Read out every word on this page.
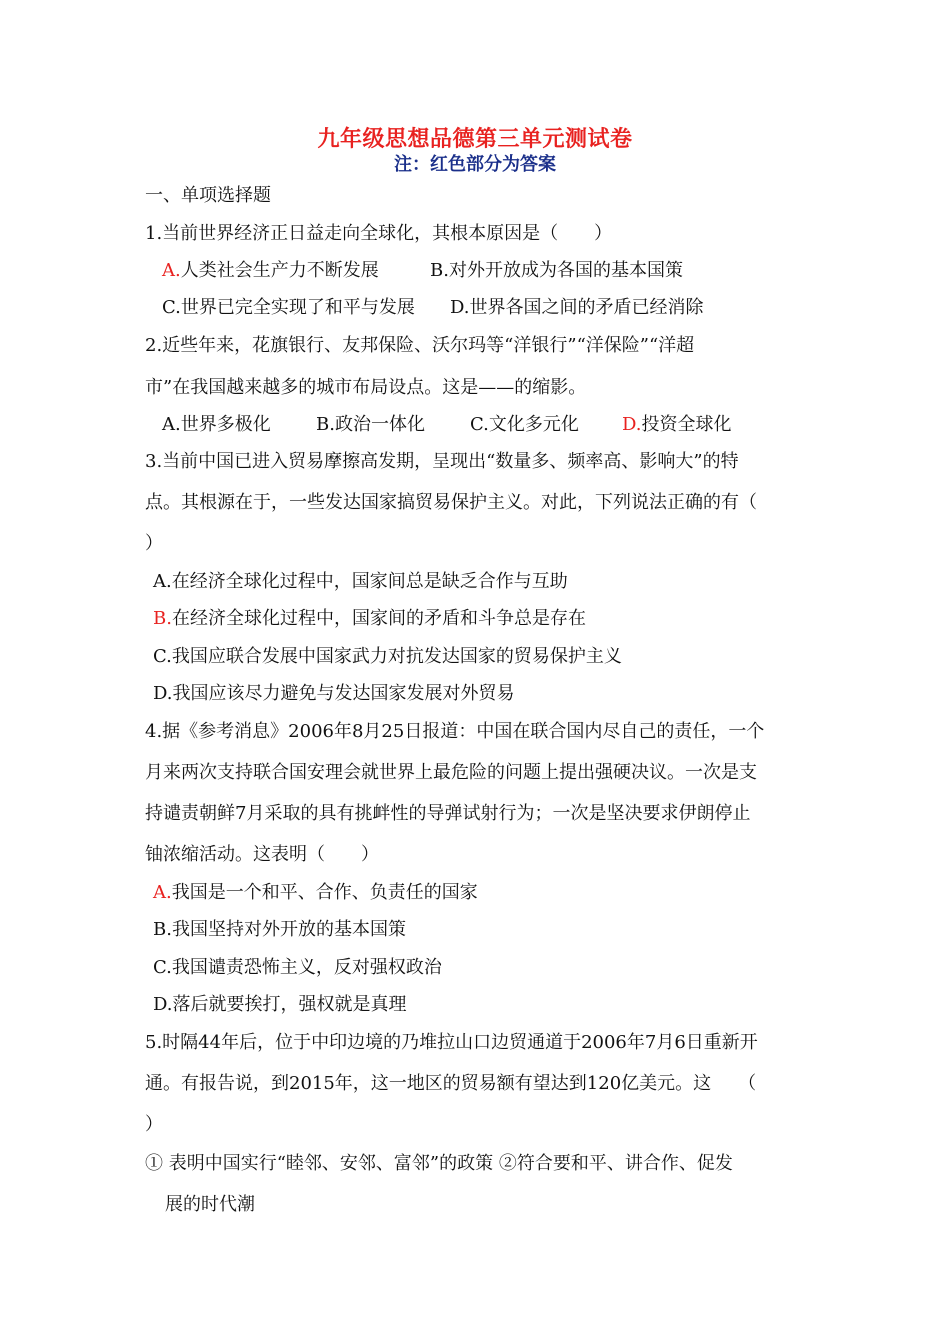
九年级思想品德第三单元测试卷
注：红色部分为答案
一、单项选择题
1.当前世界经济正日益走向全球化，其根本原因是（　　）
A.人类社会生产力不断发展	B.对外开放成为各国的基本国策
C.世界已完全实现了和平与发展 D.世界各国之间的矛盾已经消除
2.近些年来，花旗银行、友邦保险、沃尔玛等“洋银行”“洋保险”“洋超
市”在我国越来越多的城市布局设点。这是——的缩影。
A.世界多极化	B.政治一体化	C.文化多元化 D.投资全球化
3.当前中国已进入贸易摩擦高发期，呈现出“数量多、频率高、影响大”的特
点。其根源在于，一些发达国家搞贸易保护主义。对此，下列说法正确的有（
）
A.在经济全球化过程中，国家间总是缺乏合作与互助
B.在经济全球化过程中，国家间的矛盾和斗争总是存在
C.我国应联合发展中国家武力对抗发达国家的贸易保护主义
D.我国应该尽力避免与发达国家发展对外贸易
4.据《参考消息》2006年8月25日报道：中国在联合国内尽自己的责任，一个
月来两次支持联合国安理会就世界上最危险的问题上提出强硬决议。一次是支
持谴责朝鲜7月采取的具有挑衅性的导弹试射行为；一次是坚决要求伊朗停止
铀浓缩活动。这表明（　　）
A.我国是一个和平、合作、负责任的国家
B.我国坚持对外开放的基本国策
C.我国谴责恐怖主义，反对强权政治
D.落后就要挨打，强权就是真理
5.时隔44年后，位于中印边境的乃堆拉山口边贸通道于2006年7月6日重新开
通。有报告说，到2015年，这一地区的贸易额有望达到120亿美元。这　　（
）
① 表明中国实行“睦邻、安邻、富邻”的政策 ②符合要和平、讲合作、促发
展的时代潮
